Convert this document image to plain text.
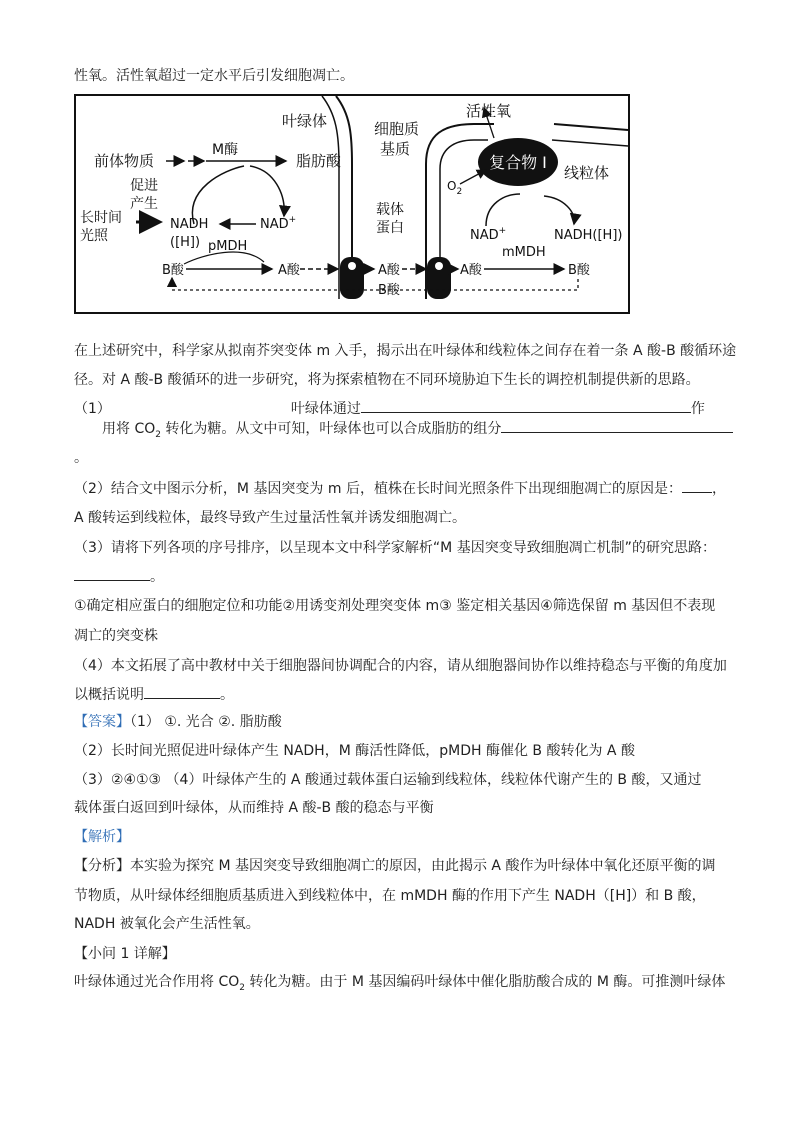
性氧。活性氧超过一定水平后引发细胞凋亡。
复合物 I
叶绿体	细胞质
基质
活性氧
线粒体
$O_2$
前体物质
M酶
脂肪酸
促进
产生
长时间
光照
NADH
([H])
NAD+
pMDH
B酸	A酸
载体
蛋白
A酸
B酸
A酸
NAD+	NADH([H])
mMDH
B酸
在上述研究中，科学家从拟南芥突变体 m 入手，揭示出在叶绿体和线粒体之间存在着一条 A 酸-B 酸循环途
径。对 A 酸-B 酸循环的进一步研究，将为探索植物在不同环境胁迫下生长的调控机制提供新的思路。
（1）	叶绿体通过	作
用将 $CO_2$ 转化为糖。从文中可知，叶绿体也可以合成脂肪的组分
。
（2）结合文中图示分析，M 基因突变为 m 后，植株在长时间光照条件下出现细胞凋亡的原因是： ，
A 酸转运到线粒体，最终导致产生过量活性氧并诱发细胞凋亡。
（3）请将下列各项的序号排序，以呈现本文中科学家解析“M 基因突变导致细胞凋亡机制”的研究思路：
。
①确定相应蛋白的细胞定位和功能②用诱变剂处理突变体 m③ 鉴定相关基因④筛选保留 m 基因但不表现
凋亡的突变株
（4）本文拓展了高中教材中关于细胞器间协调配合的内容，请从细胞器间协作以维持稳态与平衡的角度加
以概括说明	。
【答案】（1） ①. 光合 ②. 脂肪酸
（2）长时间光照促进叶绿体产生 NADH，M 酶活性降低，pMDH 酶催化 B 酸转化为 A 酸
（3）②④①③ （4）叶绿体产生的 A 酸通过载体蛋白运输到线粒体，线粒体代谢产生的 B 酸，又通过
载体蛋白返回到叶绿体，从而维持 A 酸-B 酸的稳态与平衡
【解析】
【分析】本实验为探究 M 基因突变导致细胞凋亡的原因，由此揭示 A 酸作为叶绿体中氧化还原平衡的调
节物质，从叶绿体经细胞质基质进入到线粒体中，在 mMDH 酶的作用下产生 NADH（[H]）和 B 酸，
NADH 被氧化会产生活性氧。
【小问 1 详解】
叶绿体通过光合作用将 $CO_2$ 转化为糖。由于 M 基因编码叶绿体中催化脂肪酸合成的 M 酶。可推测叶绿体
